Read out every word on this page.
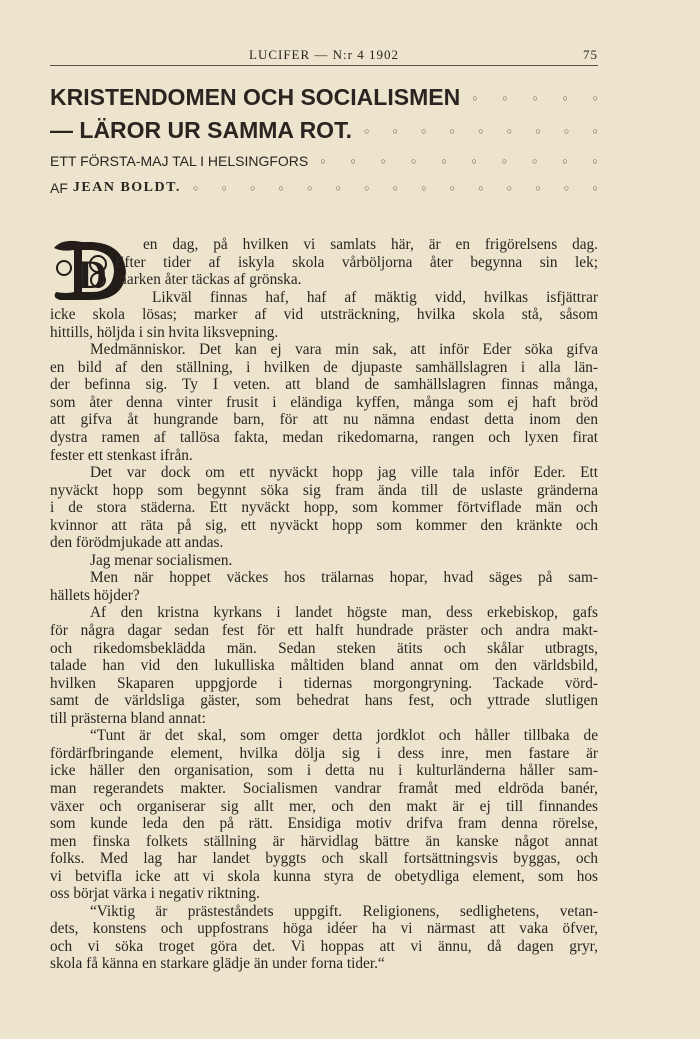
LUCIFER — N:r 4 1902	75
KRISTENDOMEN OCH SOCIALISMEN ○	○	○	○	○
— LÄROR UR SAMMA ROT. ○	○	○	○	○	○	○	○	○
ETT FÖRSTA-MAJ TAL I HELSINGFORS ○	○	○	○	○	○	○	○	○	○
AF JEAN BOLDT. ○	○	○	○	○	○	○	○	○	○	○	○	○	○	○
D
en dag, på hvilken vi samlats här, är en frigörelsens dag.
Efter tider af iskyla skola vårböljorna åter begynna sin lek;
marken åter täckas af grönska.
Likväl finnas haf, haf af mäktig vidd, hvilkas isfjättrar
icke skola lösas; marker af vid utsträckning, hvilka skola stå, såsom
hittills, höljda i sin hvita liksvepning.
Medmänniskor. Det kan ej vara min sak, att inför Eder söka gifva
en bild af den ställning, i hvilken de djupaste samhällslagren i alla län-
der befinna sig. Ty I veten. att bland de samhällslagren finnas många,
som åter denna vinter frusit i eländiga kyffen, många som ej haft bröd
att gifva åt hungrande barn, för att nu nämna endast detta inom den
dystra ramen af tallösa fakta, medan rikedomarna, rangen och lyxen firat
fester ett stenkast ifrån.
Det var dock om ett nyväckt hopp jag ville tala inför Eder. Ett
nyväckt hopp som begynnt söka sig fram ända till de uslaste gränderna
i de stora städerna. Ett nyväckt hopp, som kommer förtviflade män och
kvinnor att räta på sig, ett nyväckt hopp som kommer den kränkte och
den förödmjukade att andas.
Jag menar socialismen.
Men när hoppet väckes hos trälarnas hopar, hvad säges på sam-
hällets höjder?
Af den kristna kyrkans i landet högste man, dess erkebiskop, gafs
för några dagar sedan fest för ett halft hundrade präster och andra makt-
och rikedomsbeklädda män. Sedan steken ätits och skålar utbragts,
talade han vid den lukulliska måltiden bland annat om den världsbild,
hvilken Skaparen uppgjorde i tidernas morgongryning. Tackade vörd-
samt de världsliga gäster, som behedrat hans fest, och yttrade slutligen
till prästerna bland annat:
“Tunt är det skal, som omger detta jordklot och håller tillbaka de
fördärfbringande element, hvilka dölja sig i dess inre, men fastare är
icke häller den organisation, som i detta nu i kulturländerna håller sam-
man regerandets makter. Socialismen vandrar framåt med eldröda banér,
växer och organiserar sig allt mer, och den makt är ej till finnandes
som kunde leda den på rätt. Ensidiga motiv drifva fram denna rörelse,
men finska folkets ställning är härvidlag bättre än kanske något annat
folks. Med lag har landet byggts och skall fortsättningsvis byggas, och
vi betvifla icke att vi skola kunna styra de obetydliga element, som hos
oss börjat värka i negativ riktning.
“Viktig är prästeståndets uppgift. Religionens, sedlighetens, vetan-
dets, konstens och uppfostrans höga idéer ha vi närmast att vaka öfver,
och vi söka troget göra det. Vi hoppas att vi ännu, då dagen gryr,
skola få känna en starkare glädje än under forna tider.“
